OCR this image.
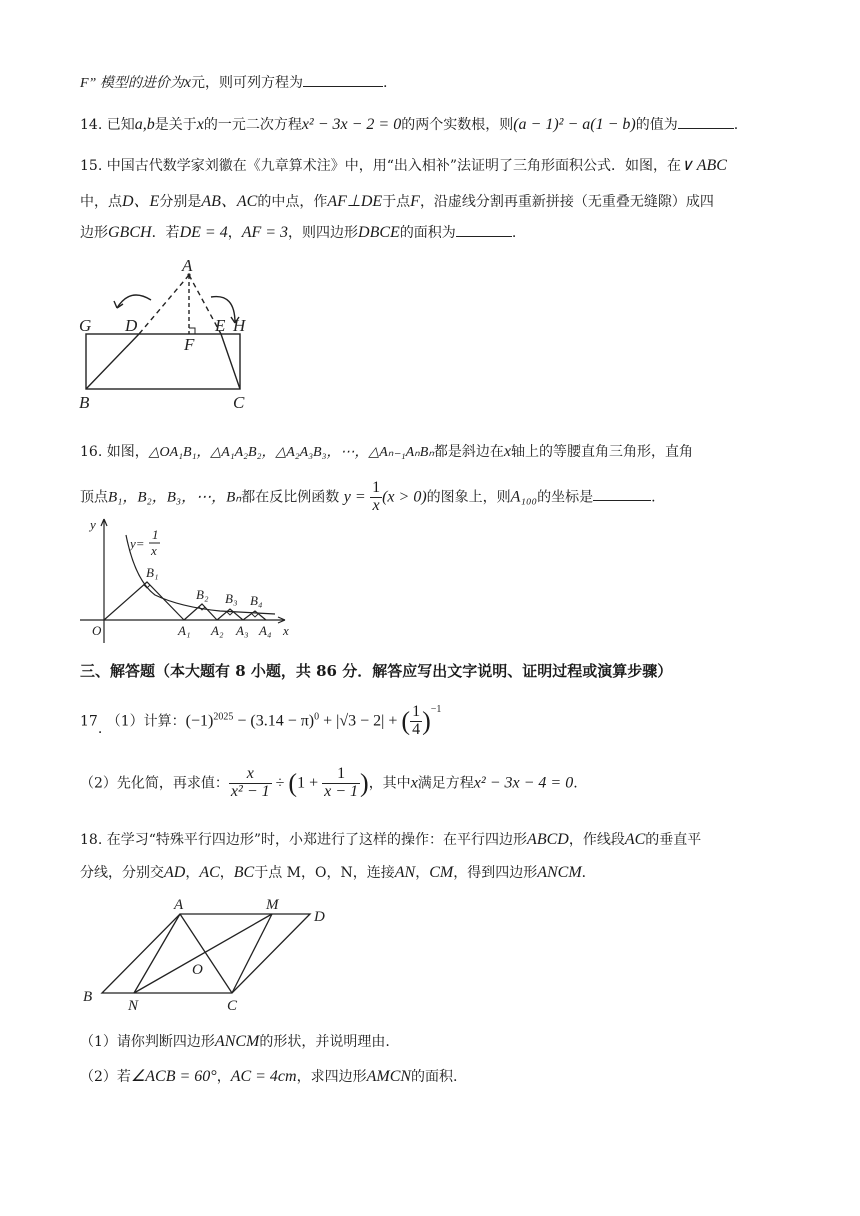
F” 模型的进价为x元，则可列方程为	.
14. 已知a,b是关于x的一元二次方程x² − 3x − 2 = 0的两个实数根，则(a − 1)² − a(1 − b)的值为	.
15. 中国古代数学家刘徽在《九章算术注》中，用“出入相补”法证明了三角形面积公式．如图，在∨ ABC
中，点D、E分别是AB、AC的中点，作AF⊥DE于点F，沿虚线分割再重新拼接（无重叠无缝隙）成四
边形GBCH．若DE = 4，AF = 3，则四边形DBCE的面积为	.
A
G D
F
E H
B	C
16. 如图，△OA₁B₁，△A₁A₂B₂，△A₂A₃B₃，⋯，△Aₙ₋₁AₙBₙ都是斜边在x轴上的等腰直角三角形，直角
顶点B₁，B₂，B₃，⋯，Bₙ都在反比例函数 $y = \frac{1}{x} (x > 0)$的图象上，则A₁₀₀的坐标是	.
y
y=
1
x
B₁
B₂ B₃ B₄
O	A₁ A₂ A₃ A₄ x
三、解答题（本大题有 8 小题，共 86 分．解答应写出文字说明、证明过程或演算步骤）
17. （1）计算：$(-1)^{2025} - (3.14 - \pi)^0 + |√3 - 2|$ + ( $\frac{1}{4} )^{-1}$
（2）先化简，再求值： $\frac{x}{\text{x² − 1}} \div (1 + \frac{1}{x - 1}$ )，其中x满足方程x² − 3x − 4 = 0.
18. 在学习“特殊平行四边形”时，小郑进行了这样的操作：在平行四边形ABCD，作线段AC的垂直平
分线，分别交AD，AC，BC于点 M，O，N，连接AN，CM，得到四边形ANCM．
A	M
D
O
B
N	C
（1）请你判断四边形ANCM的形状，并说明理由.
（2）若∠ACB = 60°，AC = 4cm，求四边形AMCN的面积.
